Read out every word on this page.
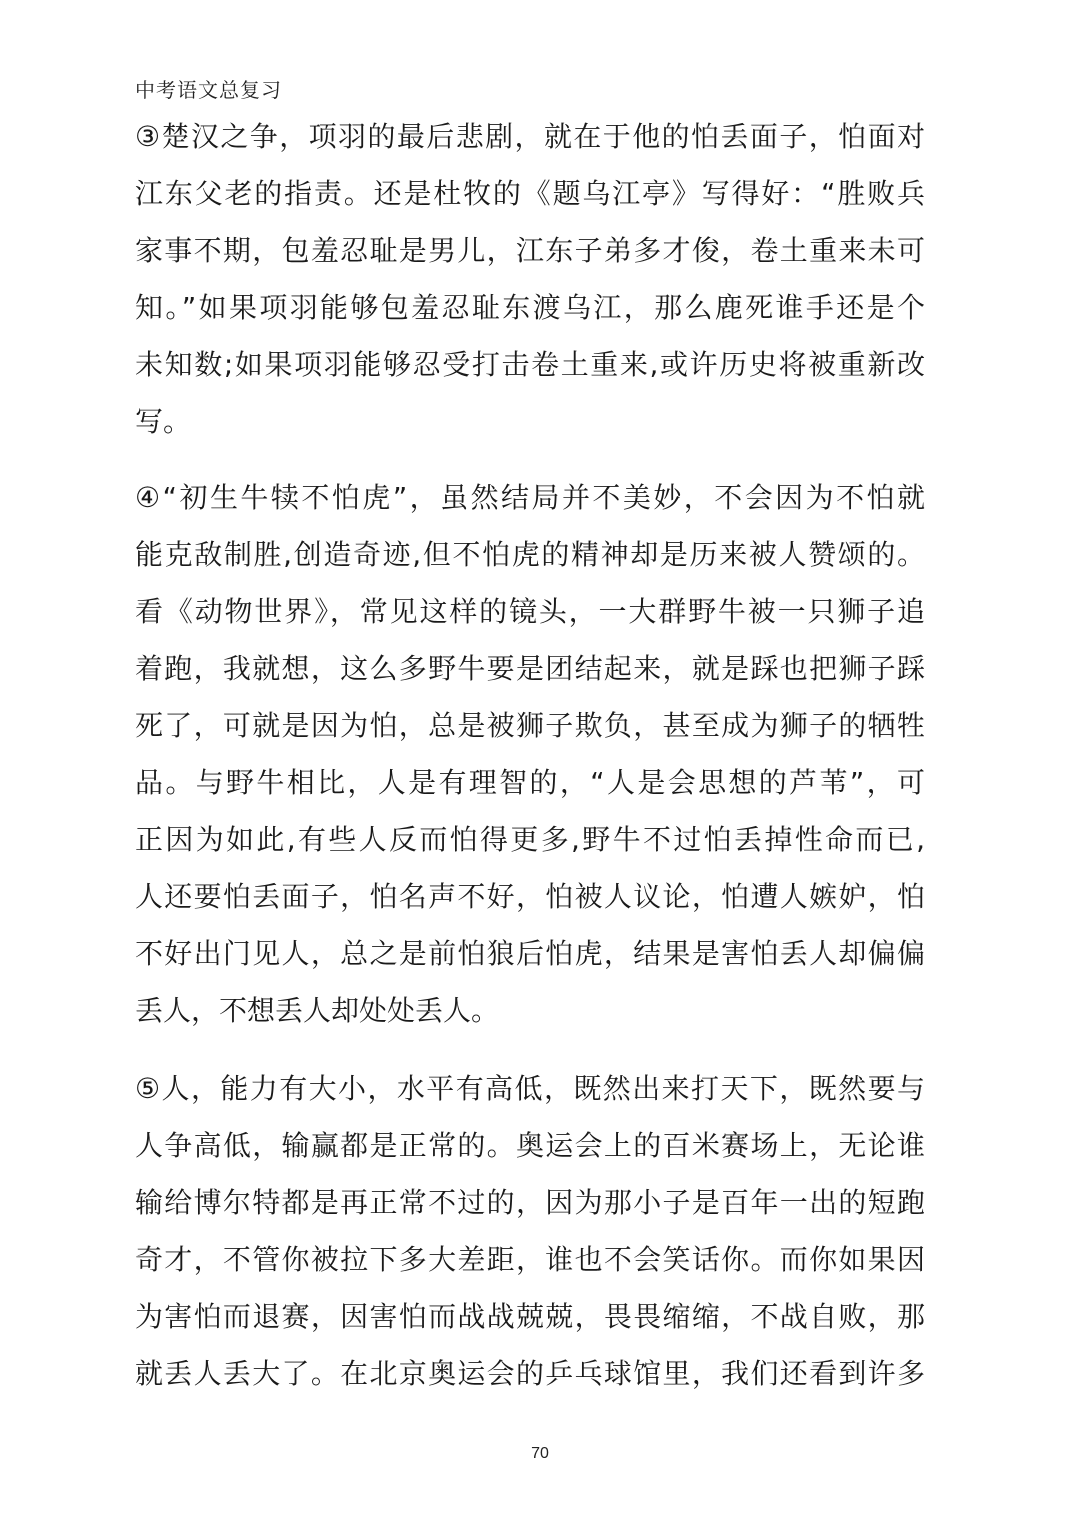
中考语文总复习
③楚汉之争，项羽的最后悲剧，就在于他的怕丢面子，怕面对
江东父老的指责。还是杜牧的《题乌江亭》写得好：“胜败兵
家事不期，包羞忍耻是男儿，江东子弟多才俊，卷土重来未可
知。”如果项羽能够包羞忍耻东渡乌江，那么鹿死谁手还是个
未知数;如果项羽能够忍受打击卷土重来,或许历史将被重新改
写。
④“初生牛犊不怕虎”，虽然结局并不美妙，不会因为不怕就
能克敌制胜,创造奇迹,但不怕虎的精神却是历来被人赞颂的。
看《动物世界》，常见这样的镜头，一大群野牛被一只狮子追
着跑，我就想，这么多野牛要是团结起来，就是踩也把狮子踩
死了，可就是因为怕，总是被狮子欺负，甚至成为狮子的牺牲
品。与野牛相比，人是有理智的，“人是会思想的芦苇”，可
正因为如此,有些人反而怕得更多,野牛不过怕丢掉性命而已,
人还要怕丢面子，怕名声不好，怕被人议论，怕遭人嫉妒，怕
不好出门见人，总之是前怕狼后怕虎，结果是害怕丢人却偏偏
丢人，不想丢人却处处丢人。
⑤人，能力有大小，水平有高低，既然出来打天下，既然要与
人争高低，输赢都是正常的。奥运会上的百米赛场上，无论谁
输给博尔特都是再正常不过的，因为那小子是百年一出的短跑
奇才，不管你被拉下多大差距，谁也不会笑话你。而你如果因
为害怕而退赛，因害怕而战战兢兢，畏畏缩缩，不战自败，那
就丢人丢大了。在北京奥运会的乒乓球馆里，我们还看到许多
70
